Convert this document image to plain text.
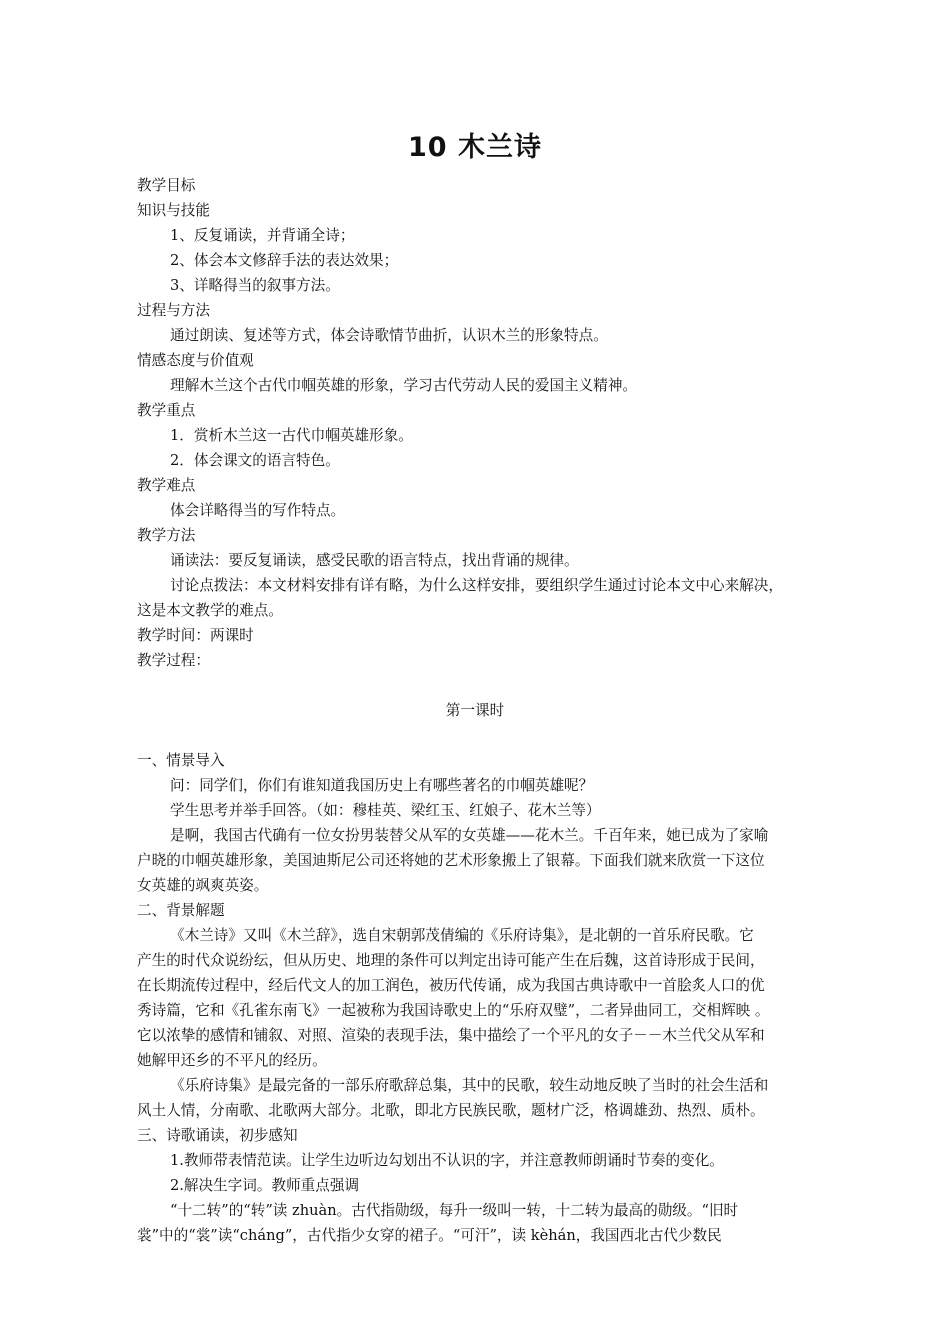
10 木兰诗
教学目标
知识与技能
1、反复诵读，并背诵全诗；
2、体会本文修辞手法的表达效果；
3、详略得当的叙事方法。
过程与方法
通过朗读、复述等方式，体会诗歌情节曲折，认识木兰的形象特点。
情感态度与价值观
理解木兰这个古代巾帼英雄的形象，学习古代劳动人民的爱国主义精神。
教学重点
1．赏析木兰这一古代巾帼英雄形象。
2．体会课文的语言特色。
教学难点
体会详略得当的写作特点。
教学方法
诵读法：要反复诵读，感受民歌的语言特点，找出背诵的规律。
讨论点拨法：本文材料安排有详有略，为什么这样安排，要组织学生通过讨论本文中心来解决，
这是本文教学的难点。
教学时间：两课时
教学过程：
第一课时
一、情景导入
问：同学们，你们有谁知道我国历史上有哪些著名的巾帼英雄呢？
学生思考并举手回答。（如：穆桂英、梁红玉、红娘子、花木兰等）
是啊，我国古代确有一位女扮男装替父从军的女英雄——花木兰。千百年来，她已成为了家喻
户晓的巾帼英雄形象，美国迪斯尼公司还将她的艺术形象搬上了银幕。下面我们就来欣赏一下这位
女英雄的飒爽英姿。
二、背景解题
《木兰诗》又叫《木兰辞》，选自宋朝郭茂倩编的《乐府诗集》，是北朝的一首乐府民歌。它
产生的时代众说纷纭，但从历史、地理的条件可以判定出诗可能产生在后魏，这首诗形成于民间，
在长期流传过程中，经后代文人的加工润色，被历代传诵，成为我国古典诗歌中一首脍炙人口的优
秀诗篇，它和《孔雀东南飞》一起被称为我国诗歌史上的“乐府双璧”，二者异曲同工，交相辉映 。
它以浓挚的感情和铺叙、对照、渲染的表现手法，集中描绘了一个平凡的女子－－木兰代父从军和
她解甲还乡的不平凡的经历。
《乐府诗集》是最完备的一部乐府歌辞总集，其中的民歌，较生动地反映了当时的社会生活和
风土人情，分南歌、北歌两大部分。北歌，即北方民族民歌，题材广泛，格调雄劲、热烈、质朴。
三、诗歌诵读，初步感知
1.教师带表情范读。让学生边听边勾划出不认识的字，并注意教师朗诵时节奏的变化。
2.解决生字词。教师重点强调
“十二转”的“转”读 zhuàn。古代指勋级，每升一级叫一转，十二转为最高的勋级。“旧时
裳”中的“裳”读“cháng”，古代指少女穿的裙子。“可汗”，读 kèhán，我国西北古代少数民
